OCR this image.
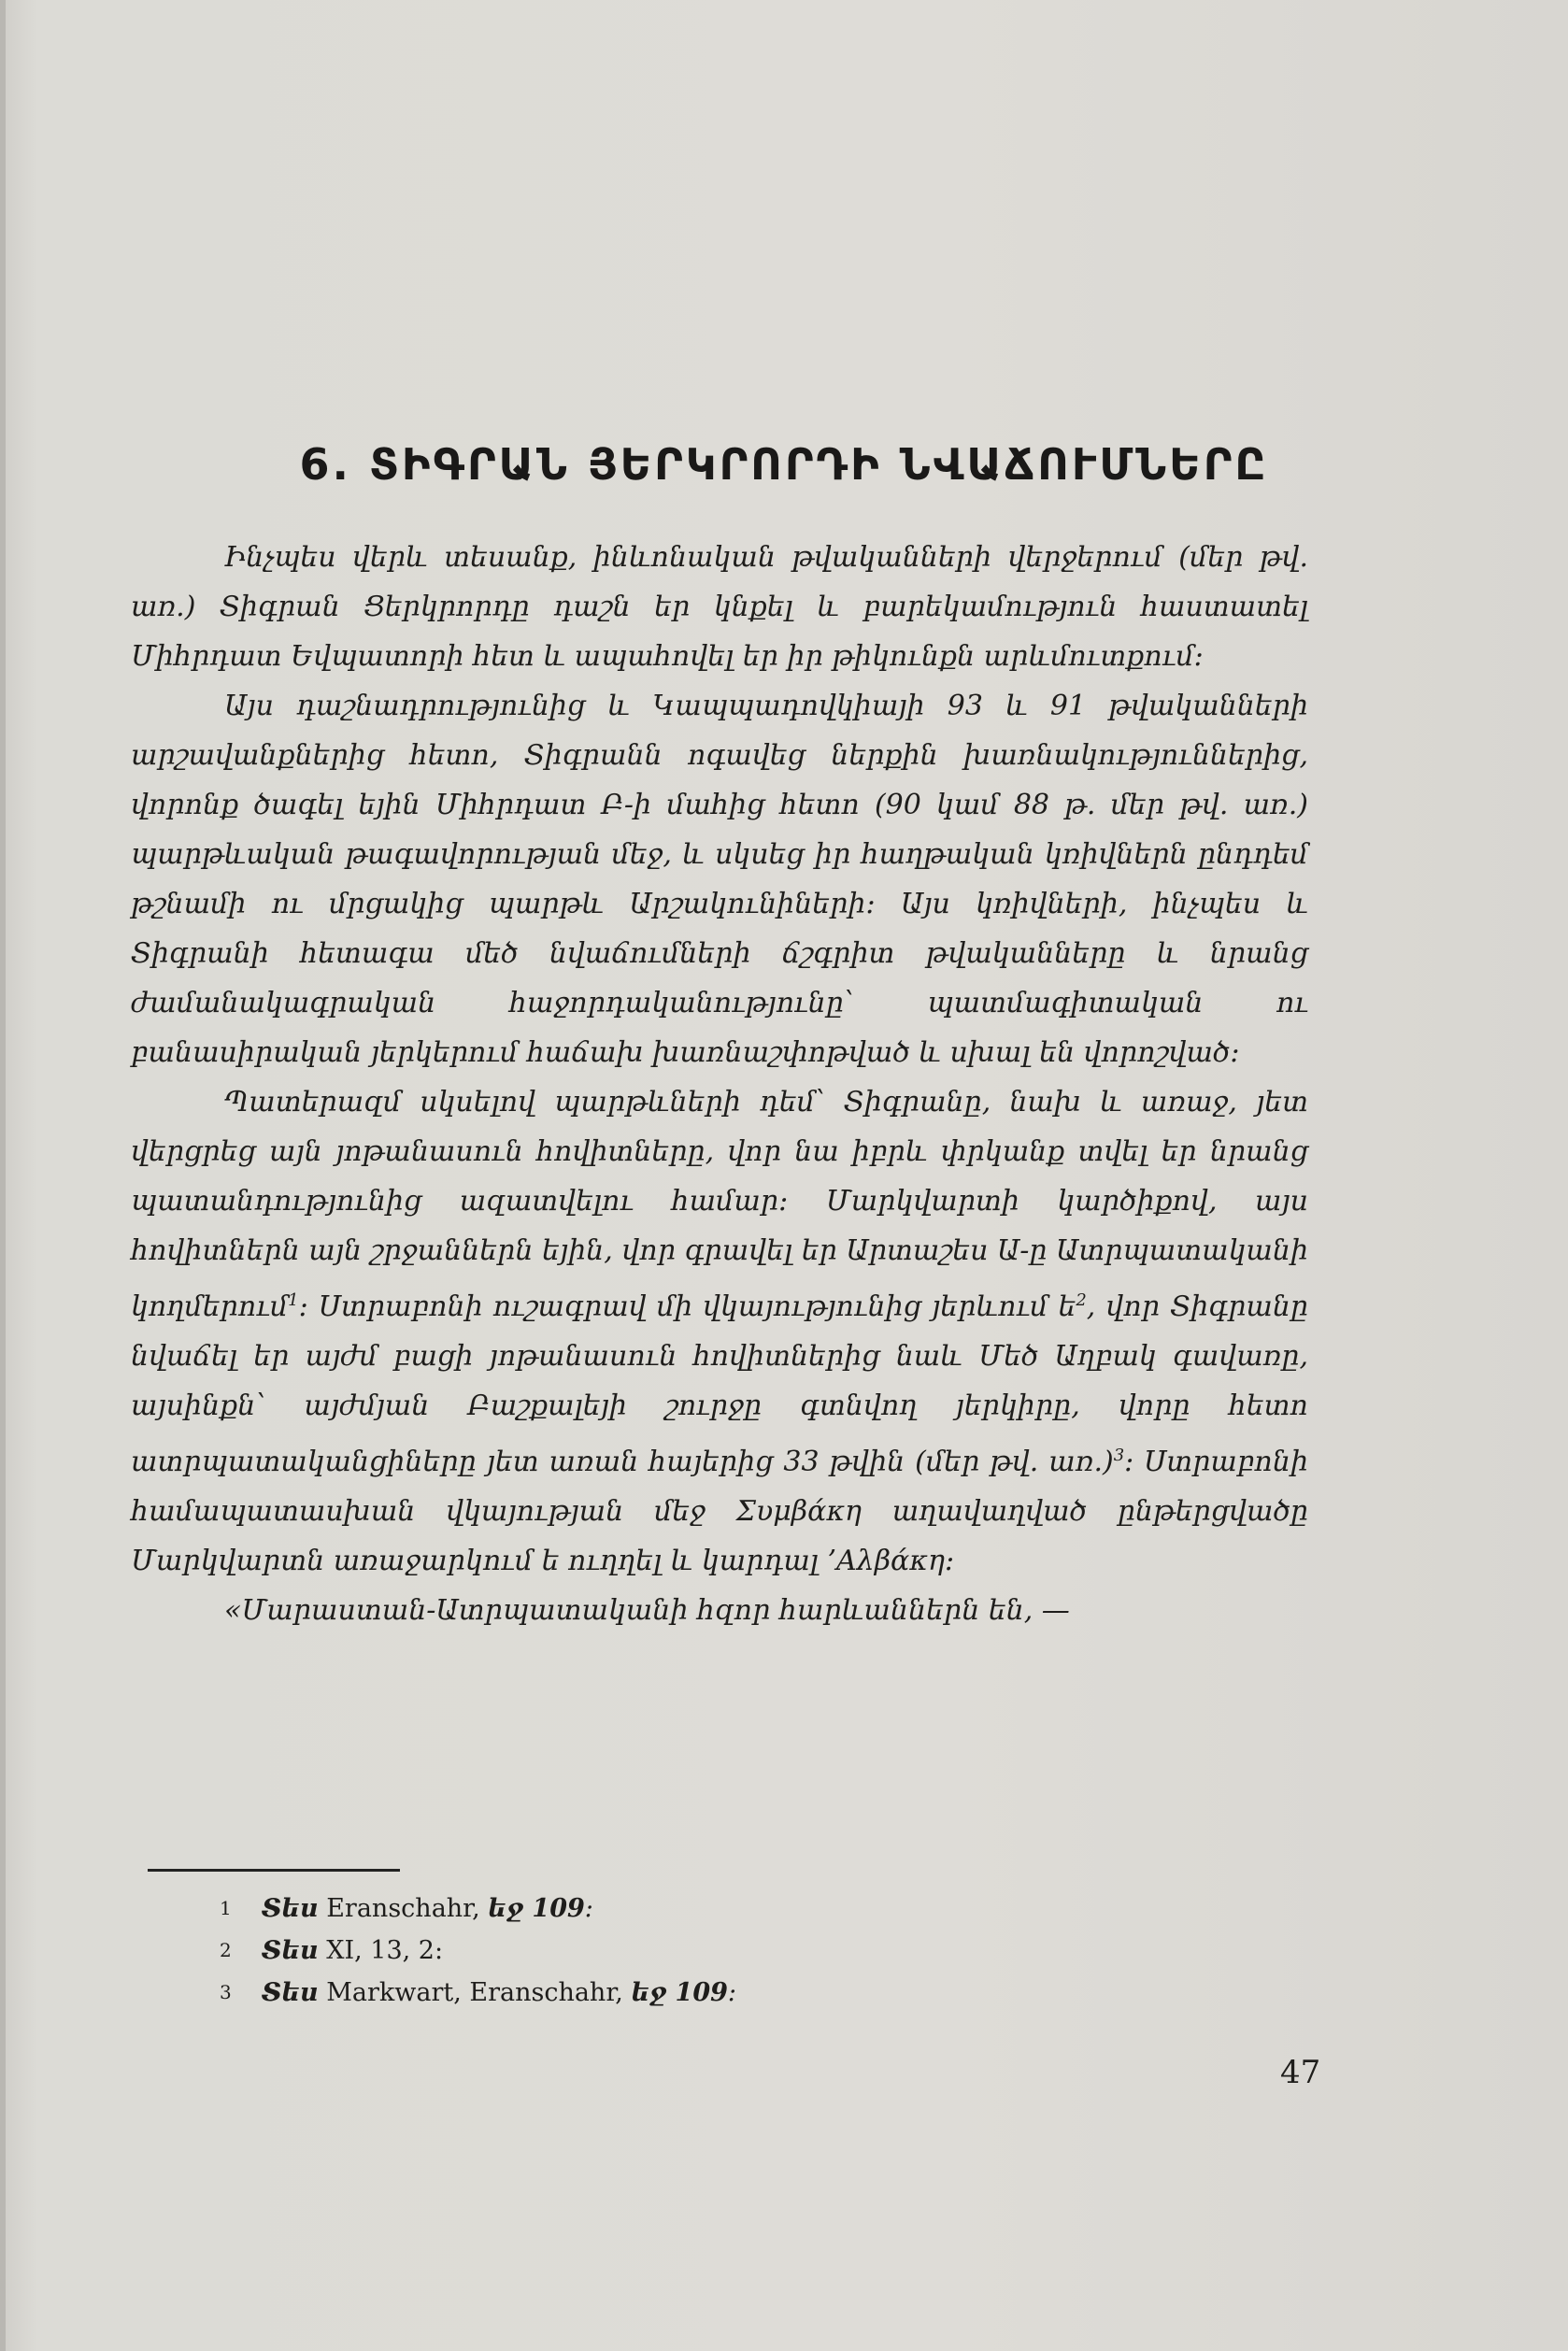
6. ՏԻԳՐԱՆ ՅԵՐԿՐՈՐԴԻ ՆՎԱՃՈՒՄՆԵՐԸ

Ինչպես վերև տեսանք, ինևոնական թվականների վերջերում (մեր թվ. առ.) Տիգրան Ցերկրորդը դաշն եր կնքել և բարեկամություն հաստատել Միհրդատ Եվպատորի հետ և ապահովել եր իր թիկունքն արևմուտքում։

Այս դաշնադրությունից և Կապպադովկիայի 93 և 91 թվականների արշավանքներից հետո, Տիգրանն ոգավեց ներքին խառնակություններից, վորոնք ծագել եյին Միհրդատ Բ-ի մահից հետո (90 կամ 88 թ. մեր թվ. առ.) պարթևական թագավորության մեջ, և սկսեց իր հաղթական կռիվներն ընդդեմ թշնամի ու մրցակից պարթև Արշակունիների։ Այս կռիվների, ինչպես և Տիգրանի հետագա մեծ նվաճումների ճշգրիտ թվականները և նրանց ժամանակագրական հաջորդականությունը՝ պատմագիտական ու բանասիրական յերկերում հաճախ խառնաշփոթված և սխալ են վորոշված։

Պատերազմ սկսելով պարթևների դեմ՝ Տիգրանը, նախ և առաջ, յետ վերցրեց այն յոթանասուն հովիտները, վոր նա իբրև փրկանք տվել եր նրանց պատանդությունից ազատվելու համար։ Մարկվարտի կարծիքով, այս հովիտներն այն շրջաններն եյին, վոր գրավել եր Արտաշես Ա-ը Ատրպատականի կողմերում$^1$։ Ստրաբոնի ուշագրավ մի վկայությունից յերևում ե$^2$, վոր Տիգրանը նվաճել եր այժմ բացի յոթանասուն հովիտներից նաև Մեծ Աղբակ գավառը, այսինքն՝ այժմյան Բաշքալեյի շուրջը գտնվող յերկիրը, վորը հետո ատրպատականցիները յետ առան հայերից 33 թվին (մեր թվ. առ.)$^3$։ Ստրաբոնի համապատասխան վկայության մեջ Συμβάκη աղավաղված ընթերցվածը Մարկվարտն առաջարկում ե ուղղել և կարդալ ’Αλβάκη։

«Մարաստան-Ատրպատականի հզոր հարևաններն են, —

1 Տես Eranschahr, եջ 109։
2 Տես XI, 13, 2:
3 Տես Markwart, Eranschahr, եջ 109։
47
